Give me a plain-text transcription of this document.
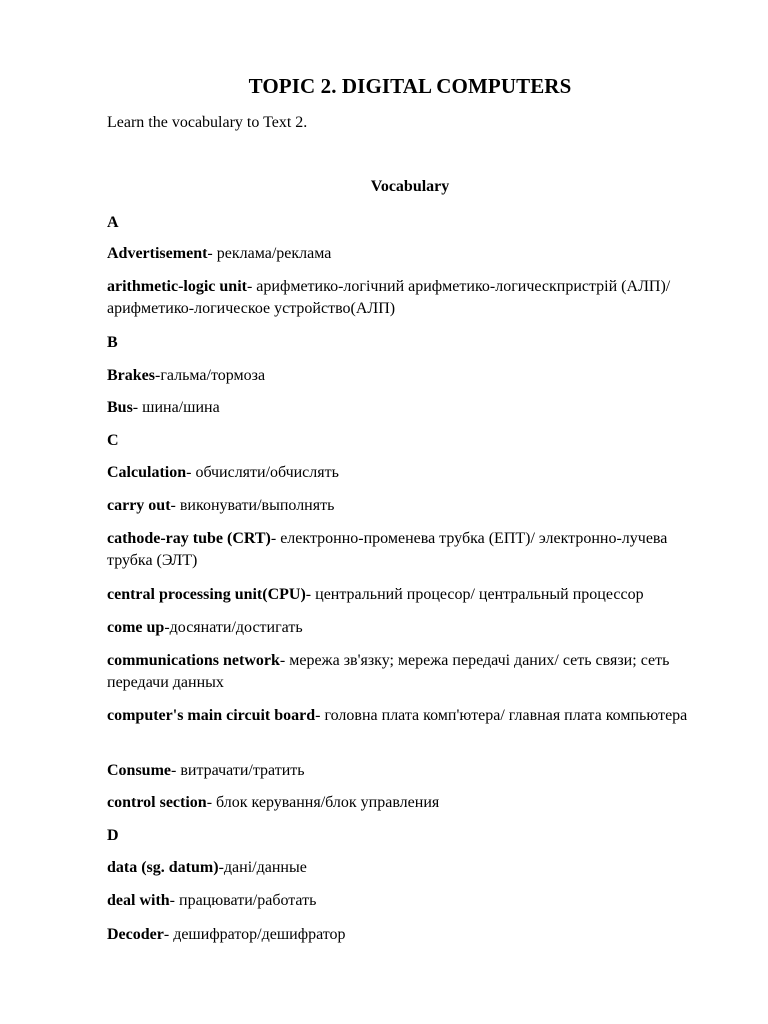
TOPIC 2. DIGITAL COMPUTERS
Learn the vocabulary to Text 2.
Vocabulary
A
Advertisement- реклама/реклама
arithmetic-logic unit- арифметико-логічний арифметико-логическпристрій (АЛП)/ арифметико-логическое устройство(АЛП)
B
Brakes-гальма/тормоза
Bus- шина/шина
C
Calculation- обчисляти/обчислять
carry out- виконувати/выполнять
cathode-ray tube (CRT)- електронно-променева трубка (ЕПТ)/ электронно-лучева трубка (ЭЛТ)
central processing unit(CPU)- центральний процесор/ центральный процессор
come up-досянати/достигать
communications network- мережа зв'язку; мережа передачі даних/ сеть связи; сеть передачи данных
computer's main circuit board- головна плата комп'ютера/ главная плата компьютера
Consume- витрачати/тратить
control section- блок керування/блок управления
D
data (sg. datum)-дані/данные
deal with- працювати/работать
Decoder- дешифратор/дешифратор
